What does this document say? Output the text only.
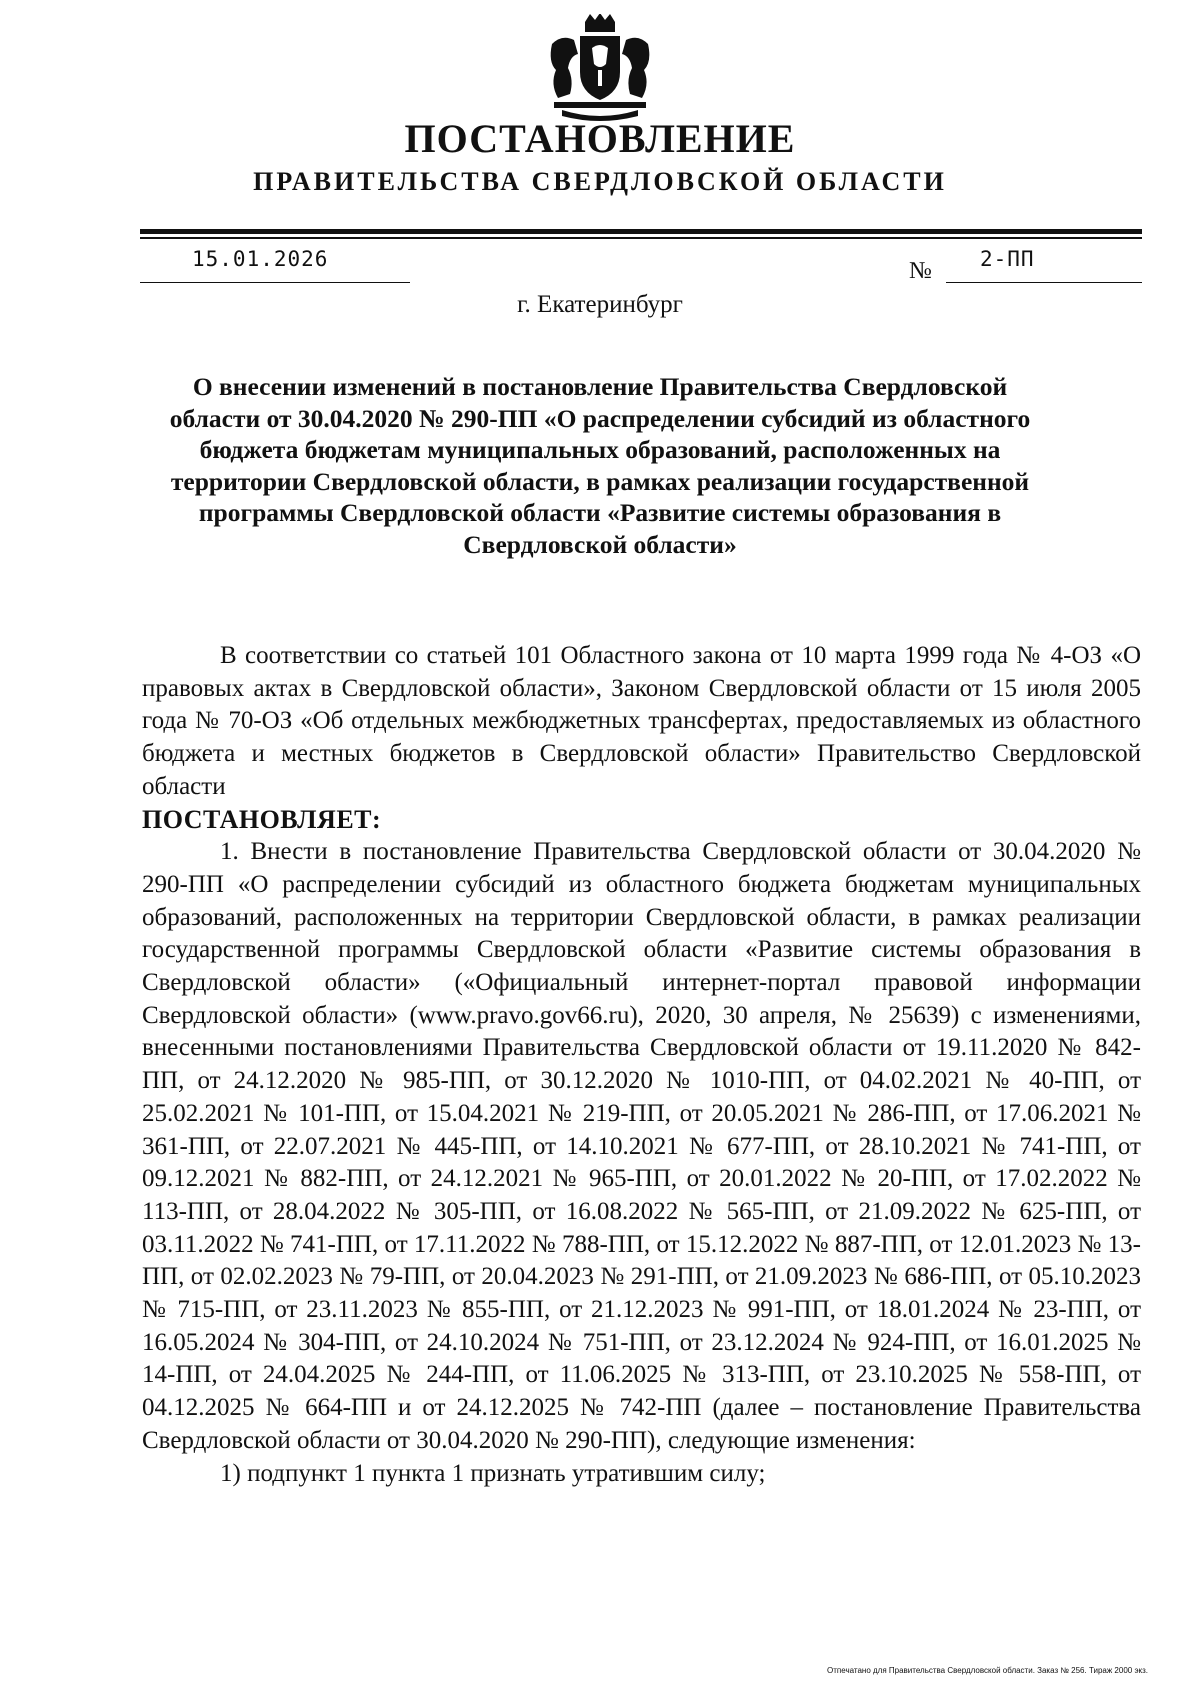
ПОСТАНОВЛЕНИЕ
ПРАВИТЕЛЬСТВА СВЕРДЛОВСКОЙ ОБЛАСТИ
15.01.2026	№ 2-ПП
г. Екатеринбург
О внесении изменений в постановление Правительства Свердловской области от 30.04.2020 № 290-ПП «О распределении субсидий из областного бюджета бюджетам муниципальных образований, расположенных на территории Свердловской области, в рамках реализации государственной программы Свердловской области «Развитие системы образования в Свердловской области»

В соответствии со статьей 101 Областного закона от 10 марта 1999 года № 4-ОЗ «О правовых актах в Свердловской области», Законом Свердловской области от 15 июля 2005 года № 70-ОЗ «Об отдельных межбюджетных трансфертах, предоставляемых из областного бюджета и местных бюджетов в Свердловской области» Правительство Свердловской области

ПОСТАНОВЛЯЕТ:

1. Внести в постановление Правительства Свердловской области от 30.04.2020 № 290-ПП «О распределении субсидий из областного бюджета бюджетам муниципальных образований, расположенных на территории Свердловской области, в рамках реализации государственной программы Свердловской области «Развитие системы образования в Свердловской области» («Официальный интернет-портал правовой информации Свердловской области» (www.pravo.gov66.ru), 2020, 30 апреля, № 25639) с изменениями, внесенными постановлениями Правительства Свердловской области от 19.11.2020 № 842-ПП, от 24.12.2020 № 985-ПП, от 30.12.2020 № 1010-ПП, от 04.02.2021 № 40-ПП, от 25.02.2021 № 101-ПП, от 15.04.2021 № 219-ПП, от 20.05.2021 № 286-ПП, от 17.06.2021 № 361-ПП, от 22.07.2021 № 445-ПП, от 14.10.2021 № 677-ПП, от 28.10.2021 № 741-ПП, от 09.12.2021 № 882-ПП, от 24.12.2021 № 965-ПП, от 20.01.2022 № 20-ПП, от 17.02.2022 № 113-ПП, от 28.04.2022 № 305-ПП, от 16.08.2022 № 565-ПП, от 21.09.2022 № 625-ПП, от 03.11.2022 № 741-ПП, от 17.11.2022 № 788-ПП, от 15.12.2022 № 887-ПП, от 12.01.2023 № 13-ПП, от 02.02.2023 № 79-ПП, от 20.04.2023 № 291-ПП, от 21.09.2023 № 686-ПП, от 05.10.2023 № 715-ПП, от 23.11.2023 № 855-ПП, от 21.12.2023 № 991-ПП, от 18.01.2024 № 23-ПП, от 16.05.2024 № 304-ПП, от 24.10.2024 № 751-ПП, от 23.12.2024 № 924-ПП, от 16.01.2025 № 14-ПП, от 24.04.2025 № 244-ПП, от 11.06.2025 № 313-ПП, от 23.10.2025 № 558-ПП, от 04.12.2025 № 664-ПП и от 24.12.2025 № 742-ПП (далее – постановление Правительства Свердловской области от 30.04.2020 № 290-ПП), следующие изменения:

1) подпункт 1 пункта 1 признать утратившим силу;

Отпечатано для Правительства Свердловской области. Заказ № 256. Тираж 2000 экз.
